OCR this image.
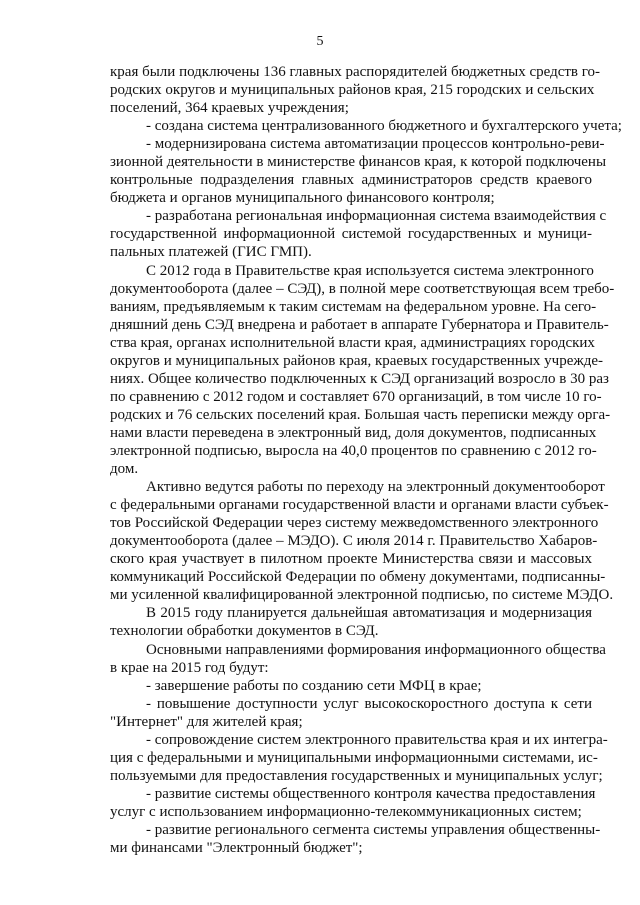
5
края были подключены 136 главных распорядителей бюджетных средств го-
родских округов и муниципальных районов края, 215 городских и сельских
поселений, 364 краевых учреждения;
- создана система централизованного бюджетного и бухгалтерского учета;
- модернизирована система автоматизации процессов контрольно-реви-
зионной деятельности в министерстве финансов края, к которой подключены
контрольные подразделения главных администраторов средств краевого
бюджета и органов муниципального финансового контроля;
- разработана региональная информационная система взаимодействия с
государственной информационной системой государственных и муници-
пальных платежей (ГИС ГМП).
С 2012 года в Правительстве края используется система электронного
документооборота (далее – СЭД), в полной мере соответствующая всем требо-
ваниям, предъявляемым к таким системам на федеральном уровне. На сего-
дняшний день СЭД внедрена и работает в аппарате Губернатора и Правитель-
ства края, органах исполнительной власти края, администрациях городских
округов и муниципальных районов края, краевых государственных учрежде-
ниях. Общее количество подключенных к СЭД организаций возросло в 30 раз
по сравнению с 2012 годом и составляет 670 организаций, в том числе 10 го-
родских и 76 сельских поселений края. Большая часть переписки между орга-
нами власти переведена в электронный вид, доля документов, подписанных
электронной подписью, выросла на 40,0 процентов по сравнению с 2012 го-
дом.
Активно ведутся работы по переходу на электронный документооборот
с федеральными органами государственной власти и органами власти субъек-
тов Российской Федерации через систему межведомственного электронного
документооборота (далее – МЭДО). С июля 2014 г. Правительство Хабаров-
ского края участвует в пилотном проекте Министерства связи и массовых
коммуникаций Российской Федерации по обмену документами, подписанны-
ми усиленной квалифицированной электронной подписью, по системе МЭДО.
В 2015 году планируется дальнейшая автоматизация и модернизация
технологии обработки документов в СЭД.
Основными направлениями формирования информационного общества
в крае на 2015 год будут:
- завершение работы по созданию сети МФЦ в крае;
- повышение доступности услуг высокоскоростного доступа к сети
"Интернет" для жителей края;
- сопровождение систем электронного правительства края и их интегра-
ция с федеральными и муниципальными информационными системами, ис-
пользуемыми для предоставления государственных и муниципальных услуг;
- развитие системы общественного контроля качества предоставления
услуг с использованием информационно-телекоммуникационных систем;
- развитие регионального сегмента системы управления общественны-
ми финансами "Электронный бюджет";
